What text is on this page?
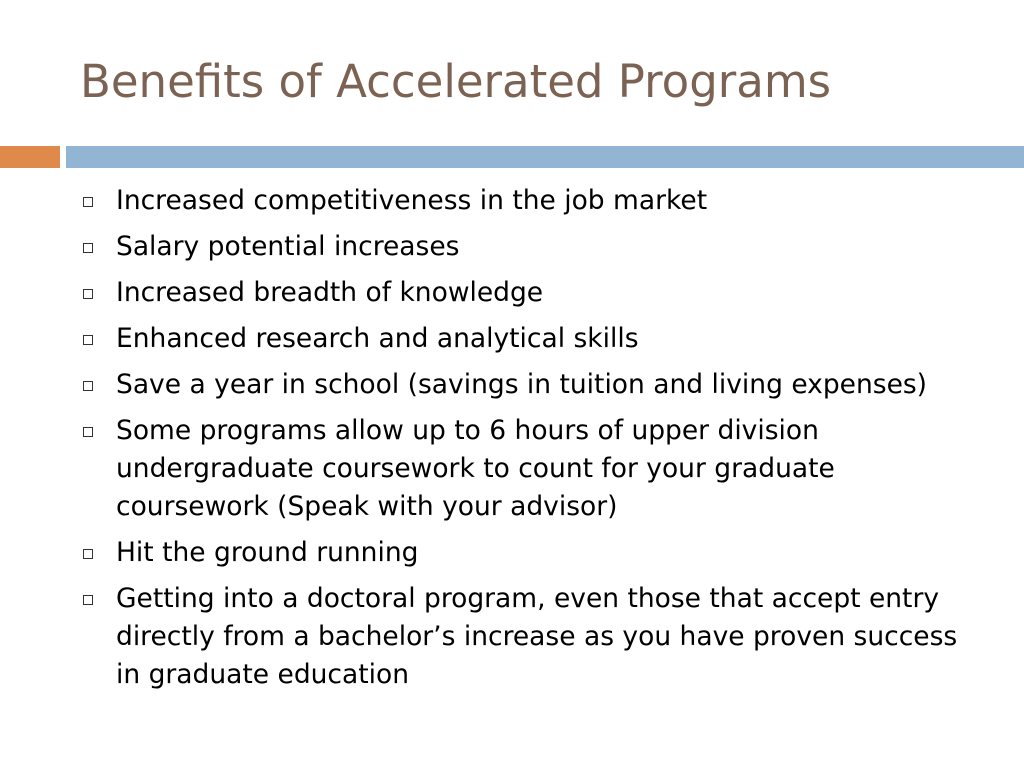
Benefits of Accelerated Programs
Increased competitiveness in the job market
Salary potential increases
Increased breadth of knowledge
Enhanced research and analytical skills
Save a year in school (savings in tuition and living expenses)
Some programs allow up to 6 hours of upper division undergraduate coursework to count for your graduate coursework (Speak with your advisor)
Hit the ground running
Getting into a doctoral program, even those that accept entry directly from a bachelor’s increase as you have proven success in graduate education
